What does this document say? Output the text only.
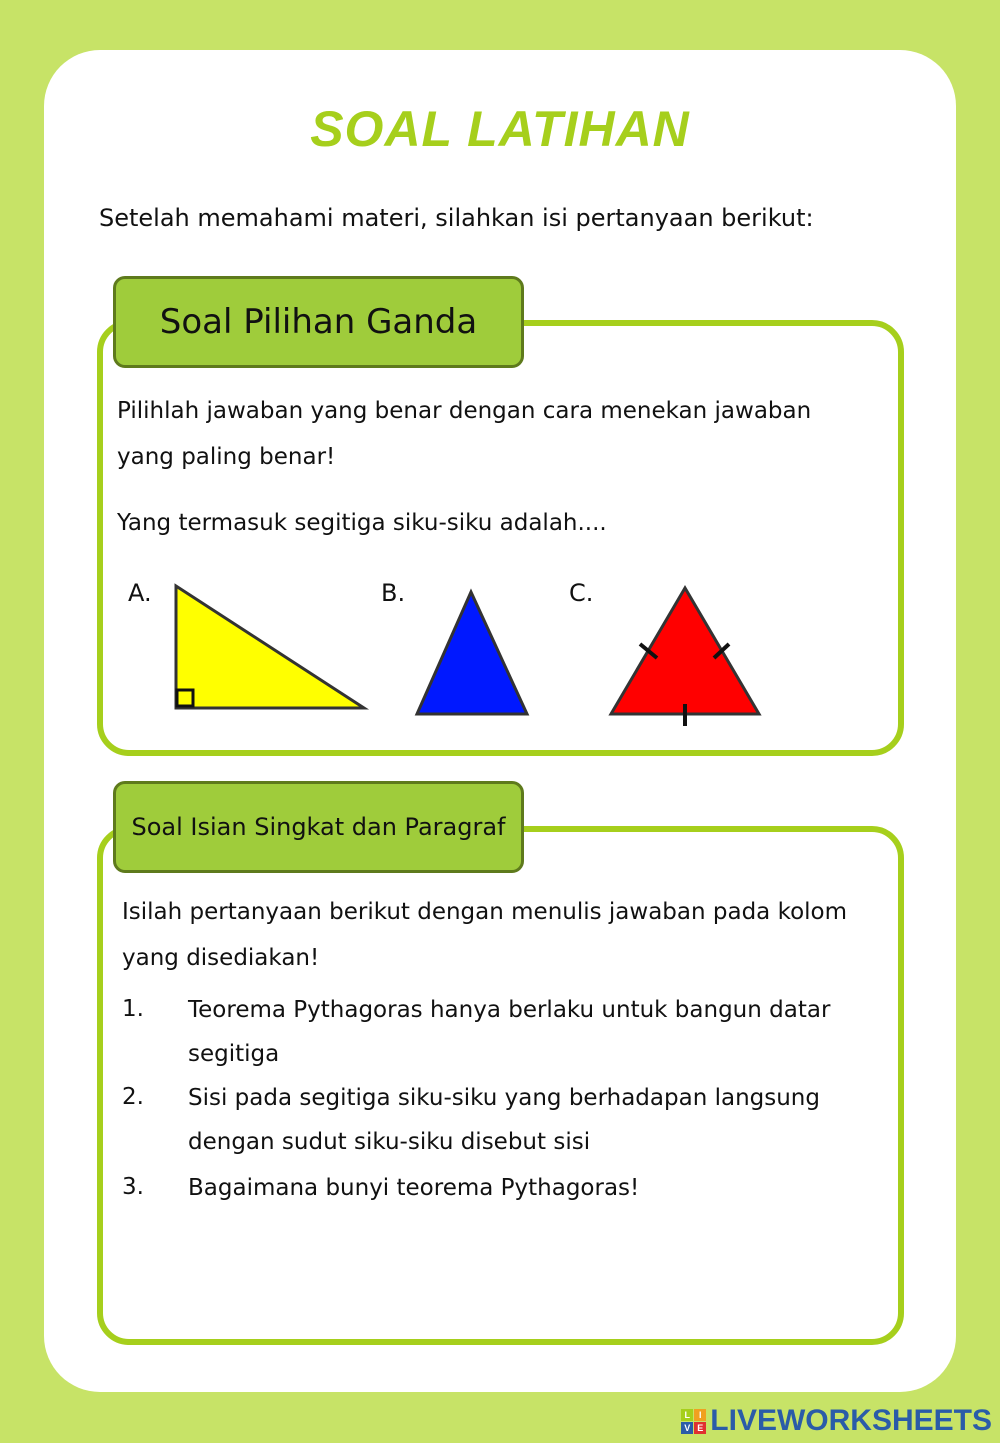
SOAL LATIHAN
Setelah memahami materi, silahkan isi pertanyaan berikut:
Soal Pilihan Ganda
Pilihlah jawaban yang benar dengan cara menekan jawaban yang paling benar!
Yang termasuk segitiga siku-siku adalah....
A.	B.	C.
Soal Isian Singkat dan Paragraf
Isilah pertanyaan berikut dengan menulis jawaban pada kolom yang disediakan!
1. Teorema Pythagoras hanya berlaku untuk bangun datar segitiga
2. Sisi pada segitiga siku-siku yang berhadapan langsung dengan sudut siku-siku disebut sisi
3. Bagaimana bunyi teorema Pythagoras!
L I
V E LIVEWORKSHEETS
